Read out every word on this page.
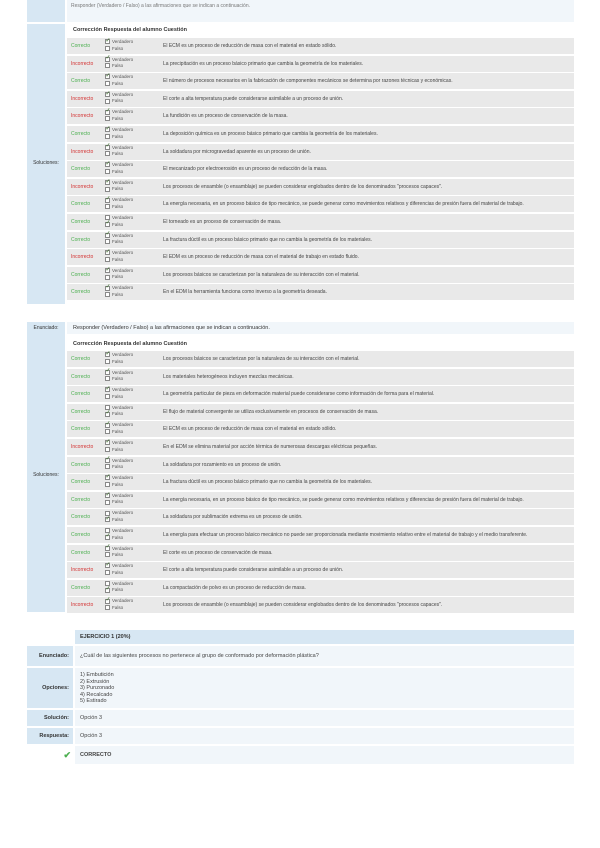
Responder (Verdadero / Falso) a las afirmaciones que se indican a continuación.
Soluciones:
Corrección Respuesta del alumno Cuestión
Correcto
✓Verdadero
Falso	El ECM es un proceso de reducción de masa con el material en estado sólido.
Incorrecto
✓Verdadero
Falso	La precipitación es un proceso básico primario que cambia la geometría de los materiales.
Correcto
✓Verdadero
Falso	El número de procesos necesarios en la fabricación de componentes mecánicos se determina por razones técnicas y económicas.
Incorrecto
✓Verdadero
Falso	El corte a alta temperatura puede considerarse asimilable a un proceso de unión.
Incorrecto
✓Verdadero
Falso	La fundición es un proceso de conservación de la masa.
Correcto
✓Verdadero
Falso	La deposición química es un proceso básico primario que cambia la geometría de los materiales.
Incorrecto
✓Verdadero
Falso	La soldadura por microgravedad aparente es un proceso de unión.
Correcto
✓Verdadero
Falso	El mecanizado por electroerosión es un proceso de reducción de la masa.
Incorrecto
✓Verdadero
Falso	Los procesos de ensamble (o ensamblaje) se pueden considerar englobados dentro de los denominados "procesos capaces".
Correcto
✓Verdadero
Falso	La energía necesaria, en un proceso básico de tipo mecánico, se puede generar como movimientos relativos y diferencias de presión fuera del material de trabajo.
Correcto
Verdadero
✓Falso	El torneado es un proceso de conservación de masa.
Correcto
✓Verdadero
Falso	La fractura dúctil es un proceso básico primario que no cambia la geometría de los materiales.
Incorrecto
✓Verdadero
Falso	El EDM es un proceso de reducción de masa con el material de trabajo en estado fluido.
Correcto
✓Verdadero
Falso	Los procesos básicos se caracterizan por la naturaleza de su interacción con el material.
Correcto
✓Verdadero
Falso	En el EDM la herramienta funciona como inverso a la geometría deseada.
Enunciado:
Soluciones:
Responder (Verdadero / Falso) a las afirmaciones que se indican a continuación.
Corrección Respuesta del alumno Cuestión
Correcto
✓Verdadero
Falso	Los procesos básicos se caracterizan por la naturaleza de su interacción con el material.
Correcto
✓Verdadero
Falso	Los materiales heterogéneos incluyen mezclas mecánicas.
Correcto
✓Verdadero
Falso	La geometría particular de pieza en deformación material puede considerarse como información de forma para el material.
Correcto
Verdadero
✓Falso	El flujo de material convergente se utiliza exclusivamente en procesos de conservación de masa.
Correcto
✓Verdadero
Falso	El ECM es un proceso de reducción de masa con el material en estado sólido.
Incorrecto
✓Verdadero
Falso	En el EDM se elimina material por acción térmica de numerosas descargas eléctricas pequeñas.
Correcto
✓Verdadero
Falso	La soldadura por rozamiento es un proceso de unión.
Correcto
✓Verdadero
Falso	La fractura dúctil es un proceso básico primario que no cambia la geometría de los materiales.
Correcto
✓Verdadero
Falso	La energía necesaria, en un proceso básico de tipo mecánico, se puede generar como movimientos relativos y diferencias de presión fuera del material de trabajo.
Correcto
Verdadero
✓Falso	La soldadura por sublimación extrema es un proceso de unión.
Correcto
Verdadero
✓Falso	La energía para efectuar un proceso básico mecánico no puede ser proporcionada mediante movimiento relativo entre el material de trabajo y el medio transferente.
Correcto
✓Verdadero
Falso	El corte es un proceso de conservación de masa.
Incorrecto
✓Verdadero
Falso	El corte a alta temperatura puede considerarse asimilable a un proceso de unión.
Correcto
Verdadero
✓Falso	La compactación de polvo es un proceso de reducción de masa.
Incorrecto
✓Verdadero
Falso	Los procesos de ensamble (o ensamblaje) se pueden considerar englobados dentro de los denominados "procesos capaces".
EJERCICIO 1 (20%)
Enunciado:	¿Cuál de las siguientes procesos no pertenece al grupo de conformado por deformación plástica?
Opciones:
1) Embutición
2) Extrusión
3) Punzonado
4) Recalcado
5) Estirado
Solución:	Opción 3
Respuesta:	Opción 3
✔	CORRECTO
